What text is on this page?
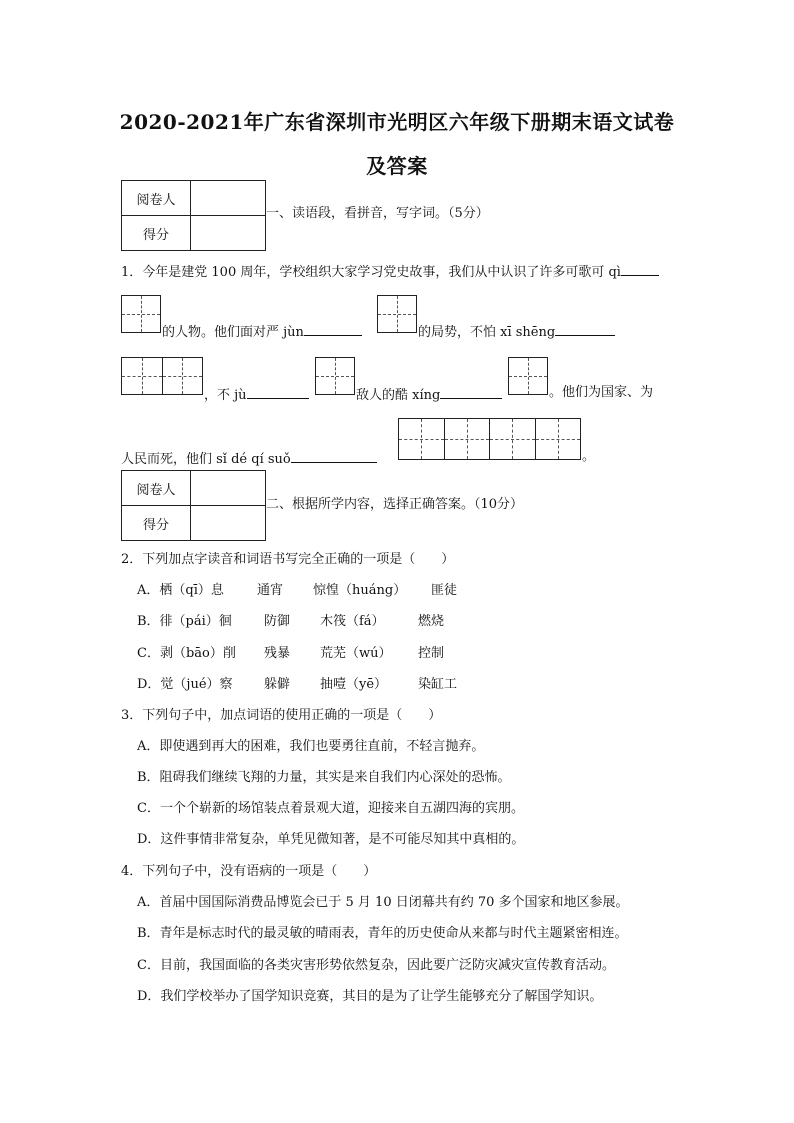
2020-2021年广东省深圳市光明区六年级下册期末语文试卷
及答案
阅卷人	
得分	
一、读语段，看拼音，写字词。（5分）
1．今年是建党 100 周年，学校组织大家学习党史故事，我们从中认识了许多可歌可 qì
的人物。他们面对严 jùn	的局势，不怕 xī shēng
，不 jù	敌人的酷 xíng	。他们为国家、为
人民而死，他们 sǐ dé qí suǒ	。
阅卷人	
得分	
二、根据所学内容，选择正确答案。（10分）
2．下列加点字读音和词语书写完全正确的一项是（　　）
A．栖（qī）息	通宵 惊惶（huáng） 匪徒
B．徘（pái）徊 防御 木筏（fá）	燃烧
C．剥（bāo）削 残暴 荒芜（wú） 控制
D．觉（jué）察 躲僻 抽噎（yē） 染缸工
3．下列句子中，加点词语的使用正确的一项是（　　）
A．即使遇到再大的困难，我们也要勇往直前，不轻言抛弃。
B．阻碍我们继续飞翔的力量，其实是来自我们内心深处的恐怖。
C．一个个崭新的场馆装点着景观大道，迎接来自五湖四海的宾朋。
D．这件事情非常复杂，单凭见微知著，是不可能尽知其中真相的。
4．下列句子中，没有语病的一项是（　　）
A．首届中国国际消费品博览会已于 5 月 10 日闭幕共有约 70 多个国家和地区参展。
B．青年是标志时代的最灵敏的晴雨表，青年的历史使命从来都与时代主题紧密相连。
C．目前，我国面临的各类灾害形势依然复杂，因此要广泛防灾减灾宣传教育活动。
D．我们学校举办了国学知识竞赛，其目的是为了让学生能够充分了解国学知识。
